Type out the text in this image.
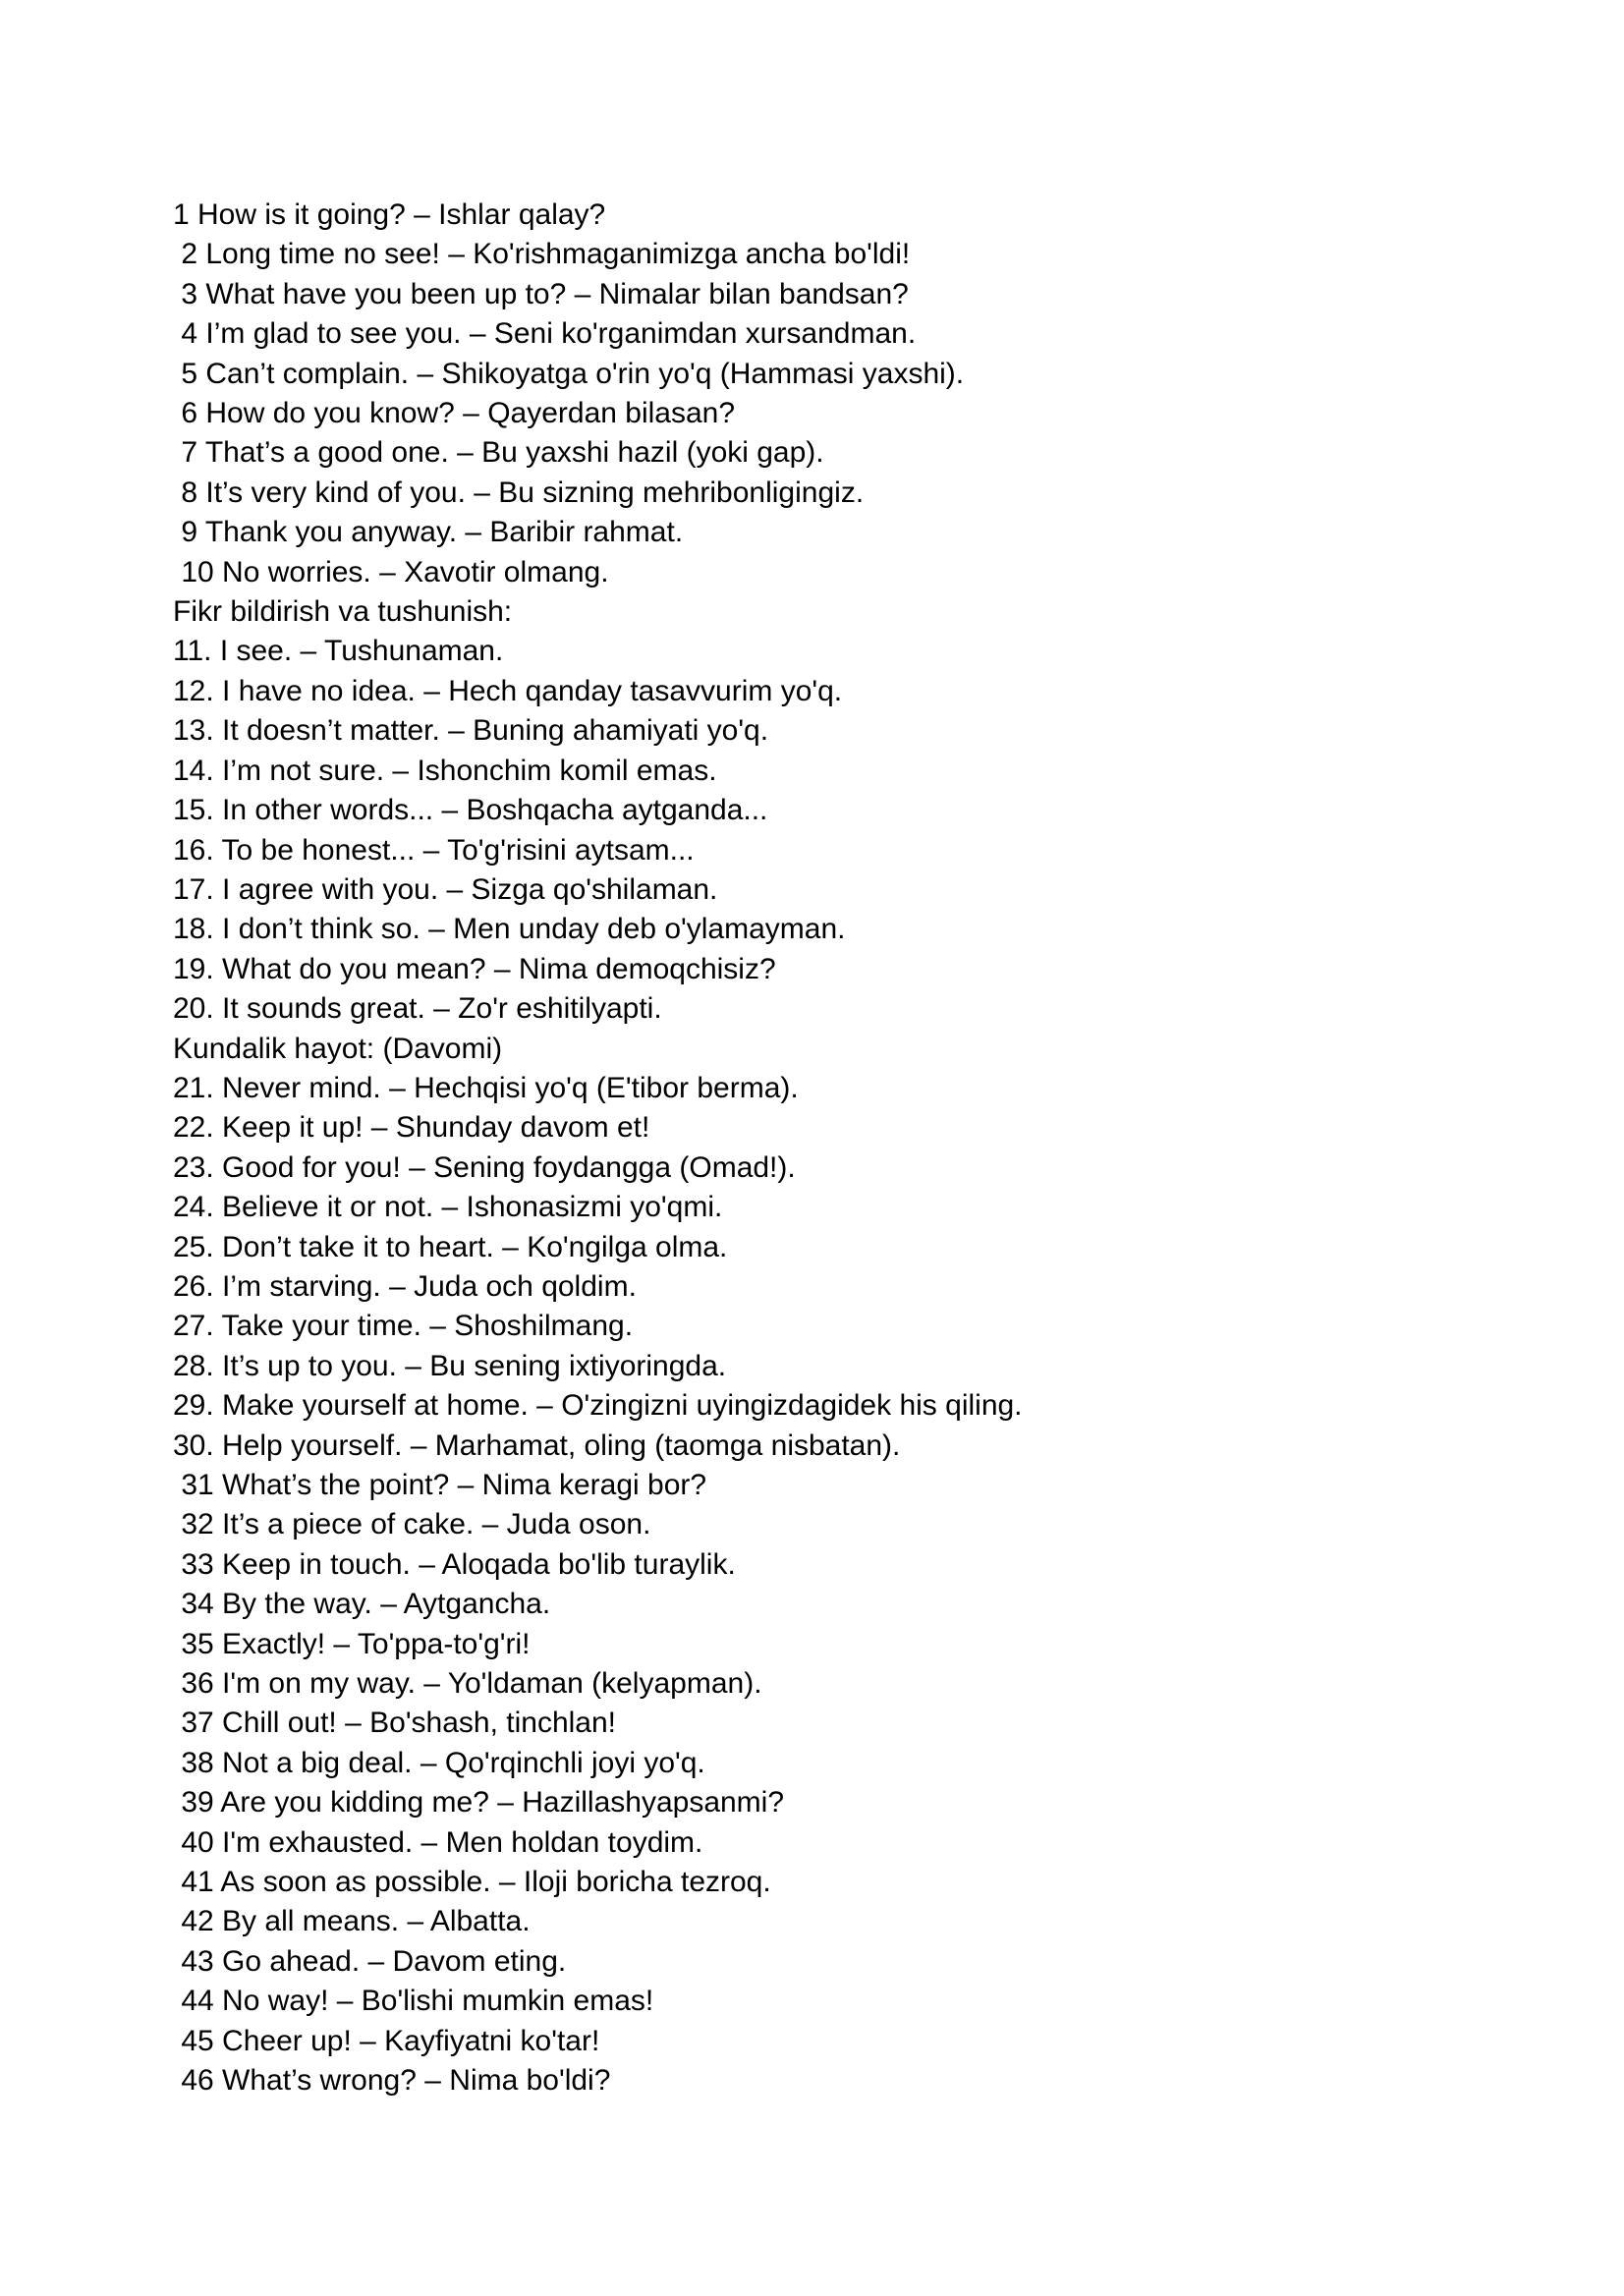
1 How is it going? – Ishlar qalay?

2 Long time no see! – Ko'rishmaganimizga ancha bo'ldi!

3 What have you been up to? – Nimalar bilan bandsan?

4 I’m glad to see you. – Seni ko'rganimdan xursandman.

5 Can’t complain. – Shikoyatga o'rin yo'q (Hammasi yaxshi).

6 How do you know? – Qayerdan bilasan?

7 That’s a good one. – Bu yaxshi hazil (yoki gap).

8 It’s very kind of you. – Bu sizning mehribonligingiz.

9 Thank you anyway. – Baribir rahmat.

10 No worries. – Xavotir olmang.

Fikr bildirish va tushunish:

11. I see. – Tushunaman.

12. I have no idea. – Hech qanday tasavvurim yo'q.

13. It doesn’t matter. – Buning ahamiyati yo'q.

14. I’m not sure. – Ishonchim komil emas.

15. In other words... – Boshqacha aytganda...

16. To be honest... – To'g'risini aytsam...

17. I agree with you. – Sizga qo'shilaman.

18. I don’t think so. – Men unday deb o'ylamayman.

19. What do you mean? – Nima demoqchisiz?

20. It sounds great. – Zo'r eshitilyapti.

Kundalik hayot: (Davomi)

21. Never mind. – Hechqisi yo'q (E'tibor berma).

22. Keep it up! – Shunday davom et!

23. Good for you! – Sening foydangga (Omad!).

24. Believe it or not. – Ishonasizmi yo'qmi.

25. Don’t take it to heart. – Ko'ngilga olma.

26. I’m starving. – Juda och qoldim.

27. Take your time. – Shoshilmang.

28. It’s up to you. – Bu sening ixtiyoringda.

29. Make yourself at home. – O'zingizni uyingizdagidek his qiling.

30. Help yourself. – Marhamat, oling (taomga nisbatan).

31 What’s the point? – Nima keragi bor?

32 It’s a piece of cake. – Juda oson.

33 Keep in touch. – Aloqada bo'lib turaylik.

34 By the way. – Aytgancha.

35 Exactly! – To'ppa-to'g'ri!

36 I'm on my way. – Yo'ldaman (kelyapman).

37 Chill out! – Bo'shash, tinchlan!

38 Not a big deal. – Qo'rqinchli joyi yo'q.

39 Are you kidding me? – Hazillashyapsanmi?

40 I'm exhausted. – Men holdan toydim.

41 As soon as possible. – Iloji boricha tezroq.

42 By all means. – Albatta.

43 Go ahead. – Davom eting.

44 No way! – Bo'lishi mumkin emas!

45 Cheer up! – Kayfiyatni ko'tar!

46 What’s wrong? – Nima bo'ldi?
